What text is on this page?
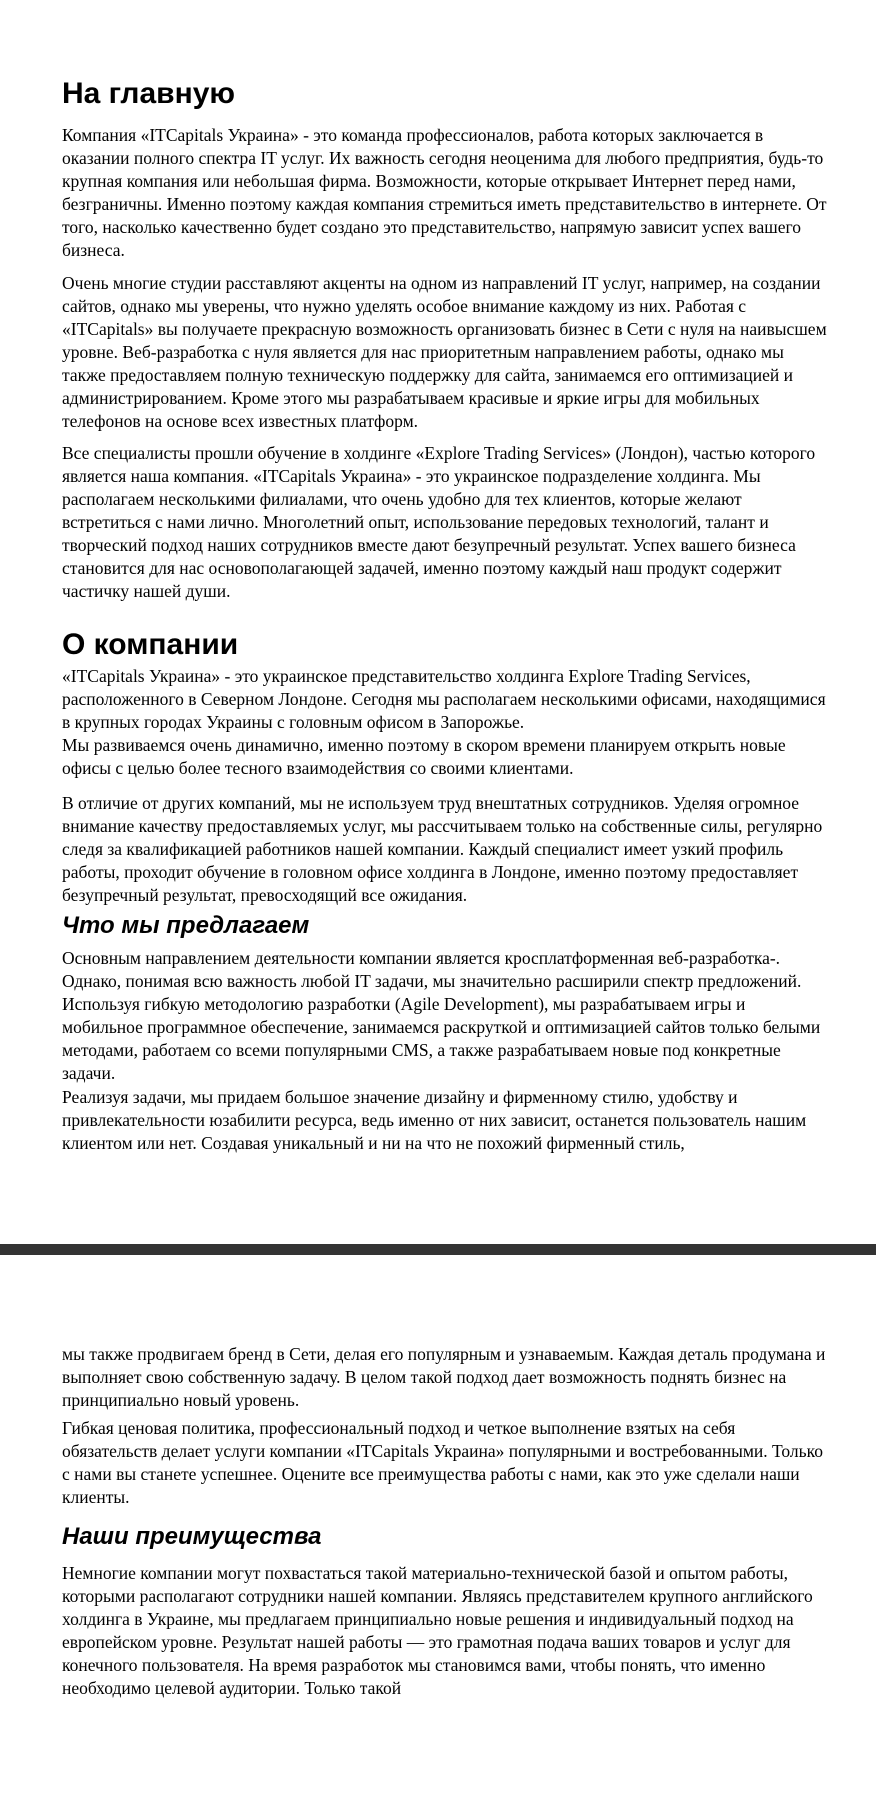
На главную

Компания «ITCapitals Украина» - это команда профессионалов, работа которых заключается в оказании полного спектра IT услуг. Их важность сегодня неоценима для любого предприятия, будь-то крупная компания или небольшая фирма. Возможности, которые открывает Интернет перед нами, безграничны. Именно поэтому каждая компания стремиться иметь представительство в интернете. От того, насколько качественно будет создано это представительство, напрямую зависит успех вашего бизнеса.

Очень многие студии расставляют акценты на одном из направлений IT услуг, например, на создании сайтов, однако мы уверены, что нужно уделять особое внимание каждому из них. Работая с «ITCapitals» вы получаете прекрасную возможность организовать бизнес в Сети с нуля на наивысшем уровне. Веб-разработка с нуля является для нас приоритетным направлением работы, однако мы также предоставляем полную техническую поддержку для сайта, занимаемся его оптимизацией и администрированием. Кроме этого мы разрабатываем красивые и яркие игры для мобильных телефонов на основе всех известных платформ.

Все специалисты прошли обучение в холдинге «Explore Trading Services» (Лондон), частью которого является наша компания. «ITCapitals Украина» - это украинское подразделение холдинга. Мы располагаем несколькими филиалами, что очень удобно для тех клиентов, которые желают встретиться с нами лично. Многолетний опыт, использование передовых технологий, талант и творческий подход наших сотрудников вместе дают безупречный результат. Успех вашего бизнеса становится для нас основополагающей задачей, именно поэтому каждый наш продукт содержит частичку нашей души.

О компании

«ITCapitals Украина» - это украинское представительство холдинга Explore Trading Services, расположенного в Северном Лондоне. Сегодня мы располагаем несколькими офисами, находящимися в крупных городах Украины с головным офисом в Запорожье.
Мы развиваемся очень динамично, именно поэтому в скором времени планируем открыть новые офисы с целью более тесного взаимодействия со своими клиентами.

В отличие от других компаний, мы не используем труд внештатных сотрудников. Уделяя огромное внимание качеству предоставляемых услуг, мы рассчитываем только на собственные силы, регулярно следя за квалификацией работников нашей компании. Каждый специалист имеет узкий профиль работы, проходит обучение в головном офисе холдинга в Лондоне, именно поэтому предоставляет безупречный результат, превосходящий все ожидания.

Что мы предлагаем

Основным направлением деятельности компании является кросплатформенная веб-разработка-. Однако, понимая всю важность любой IT задачи, мы значительно расширили спектр предложений. Используя гибкую методологию разработки (Agile Development), мы разрабатываем игры и мобильное программное обеспечение, занимаемся раскруткой и оптимизацией сайтов только белыми методами, работаем со всеми популярными CMS, а также разрабатываем новые под конкретные задачи.

Реализуя задачи, мы придаем большое значение дизайну и фирменному стилю, удобству и привлекательности юзабилити ресурса, ведь именно от них зависит, останется пользователь нашим клиентом или нет. Создавая уникальный и ни на что не похожий фирменный стиль,

мы также продвигаем бренд в Сети, делая его популярным и узнаваемым. Каждая деталь продумана и выполняет свою собственную задачу. В целом такой подход дает возможность поднять бизнес на принципиально новый уровень.

Гибкая ценовая политика, профессиональный подход и четкое выполнение взятых на себя обязательств делает услуги компании «ITCapitals Украина» популярными и востребованными. Только с нами вы станете успешнее. Оцените все преимущества работы с нами, как это уже сделали наши клиенты.

Наши преимущества

Немногие компании могут похвастаться такой материально-технической базой и опытом работы, которыми располагают сотрудники нашей компании. Являясь представителем крупного английского холдинга в Украине, мы предлагаем принципиально новые решения и индивидуальный подход на европейском уровне. Результат нашей работы — это грамотная подача ваших товаров и услуг для конечного пользователя. На время разработок мы становимся вами, чтобы понять, что именно необходимо целевой аудитории. Только такой
